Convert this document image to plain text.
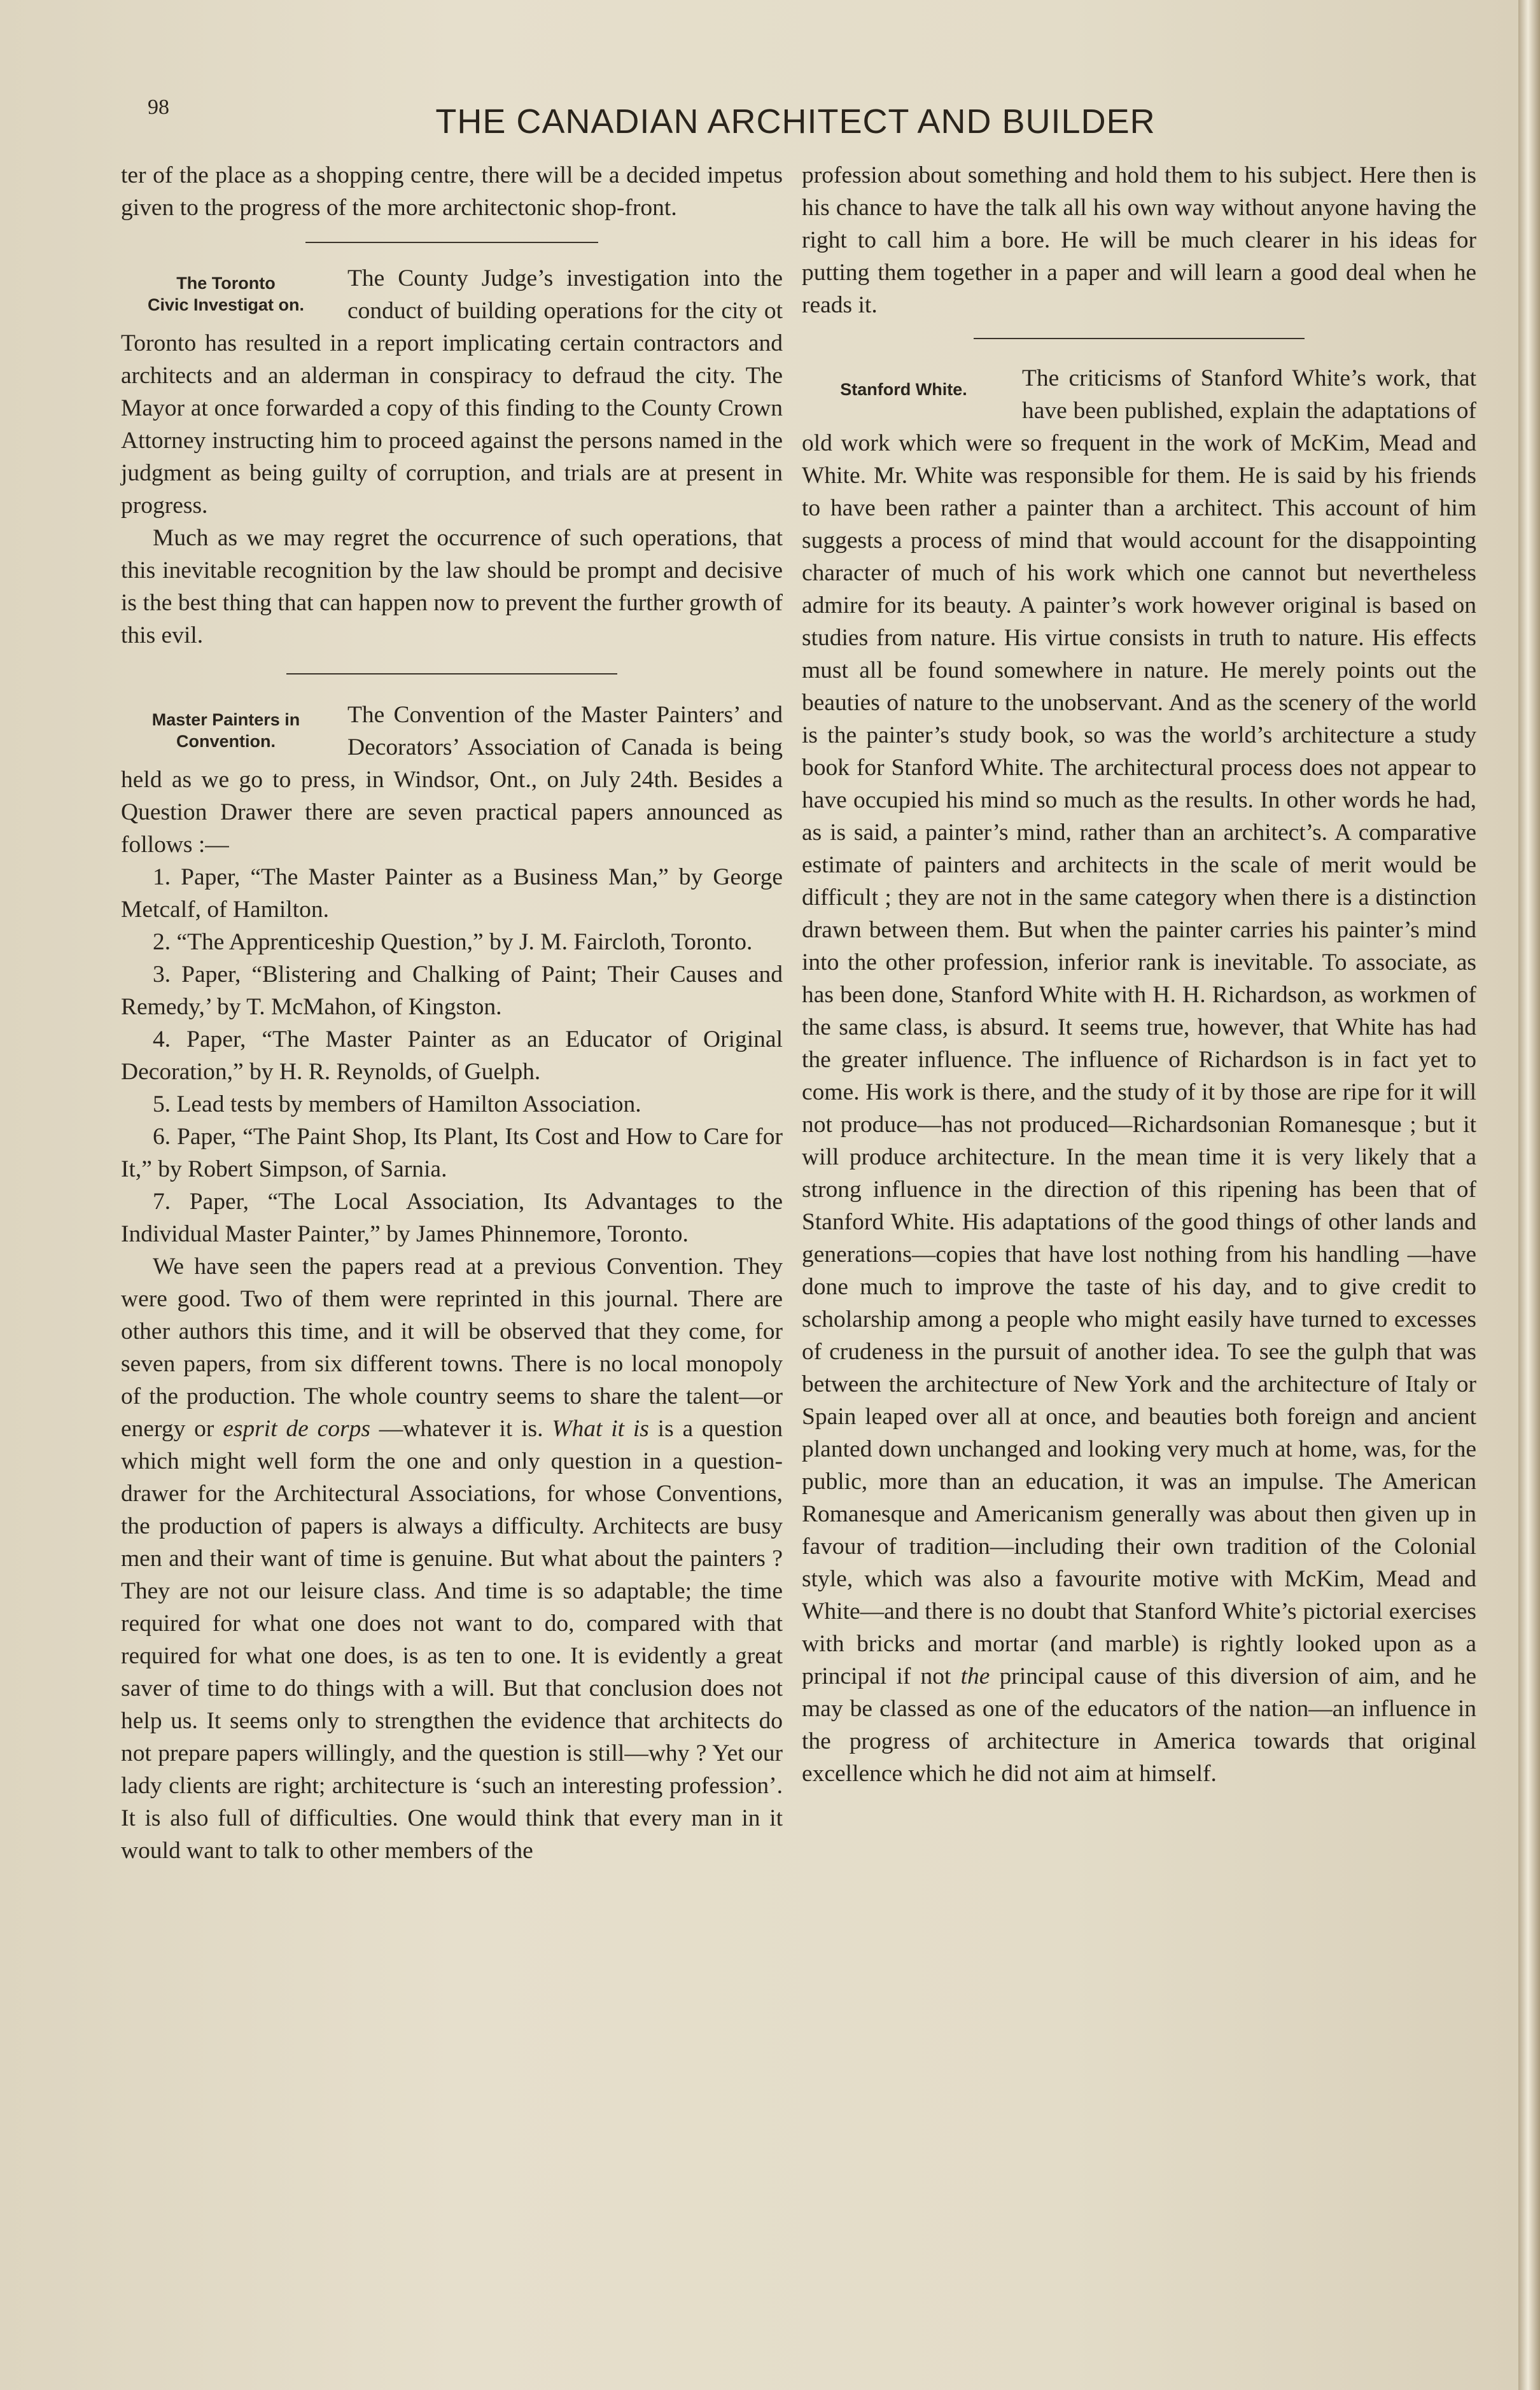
98	THE CANADIAN ARCHITECT AND BUILDER

ter of the place as a shopping centre, there will be a decided impetus given to the progress of the more architectonic shop-front.

The Toronto
Civic Investigat on.

The County Judge’s investigation into the conduct of building operations for the city ot Toronto has resulted in a report implicating certain contractors and architects and an alderman in conspiracy to defraud the city. The Mayor at once forwarded a copy of this finding to the County Crown Attorney instructing him to proceed against the persons named in the judgment as being guilty of corruption, and trials are at present in progress.

Much as we may regret the occurrence of such operations, that this inevitable recognition by the law should be prompt and decisive is the best thing that can happen now to prevent the further growth of this evil.

Master Painters in
Convention.

The Convention of the Master Painters’ and Decorators’ Association of Canada is being held as we go to press, in Windsor, Ont., on July 24th. Besides a Question Drawer there are seven practical papers announced as follows :—

1. Paper, “The Master Painter as a Business Man,” by George Metcalf, of Hamilton.

2. “The Apprenticeship Question,” by J. M. Faircloth, Toronto.

3. Paper, “Blistering and Chalking of Paint; Their Causes and Remedy,’ by T. McMahon, of Kingston.

4. Paper, “The Master Painter as an Educator of Original Decoration,” by H. R. Reynolds, of Guelph.

5. Lead tests by members of Hamilton Association.

6. Paper, “The Paint Shop, Its Plant, Its Cost and How to Care for It,” by Robert Simpson, of Sarnia.

7. Paper, “The Local Association, Its Advantages to the Individual Master Painter,” by James Phinnemore, Toronto.

We have seen the papers read at a previous Convention. They were good. Two of them were reprinted in this journal. There are other authors this time, and it will be observed that they come, for seven papers, from six different towns. There is no local monopoly of the production. The whole country seems to share the talent—or energy or esprit de corps —whatever it is. What it is is a question which might well form the one and only question in a question-drawer for the Architectural Associations, for whose Conventions, the production of papers is always a difficulty. Architects are busy men and their want of time is genuine. But what about the painters ? They are not our leisure class. And time is so adaptable; the time required for what one does not want to do, compared with that required for what one does, is as ten to one. It is evidently a great saver of time to do things with a will. But that conclusion does not help us. It seems only to strengthen the evidence that architects do not prepare papers willingly, and the question is still—why ? Yet our lady clients are right; architecture is ‘such an interesting profession’. It is also full of difficulties. One would think that every man in it would want to talk to other members of the

profession about something and hold them to his subject. Here then is his chance to have the talk all his own way without anyone having the right to call him a bore. He will be much clearer in his ideas for putting them together in a paper and will learn a good deal when he reads it.

Stanford White.	The criticisms of Stanford White’s work, that have been published, explain the adaptations of old work which were so frequent in the work of McKim, Mead and White. Mr. White was responsible for them. He is said by his friends to have been rather a painter than a architect. This account of him suggests a process of mind that would account for the disappointing character of much of his work which one cannot but nevertheless admire for its beauty. A painter’s work however original is based on studies from nature. His virtue consists in truth to nature. His effects must all be found somewhere in nature. He merely points out the beauties of nature to the unobservant. And as the scenery of the world is the painter’s study book, so was the world’s architecture a study book for Stanford White. The architectural process does not appear to have occupied his mind so much as the results. In other words he had, as is said, a painter’s mind, rather than an architect’s. A comparative estimate of painters and architects in the scale of merit would be difficult ; they are not in the same category when there is a distinction drawn between them. But when the painter carries his painter’s mind into the other profession, inferior rank is inevitable. To associate, as has been done, Stanford White with H. H. Richardson, as workmen of the same class, is absurd. It seems true, however, that White has had the greater influence. The influence of Richardson is in fact yet to come. His work is there, and the study of it by those are ripe for it will not produce—has not produced—Richardsonian Romanesque ; but it will produce architecture. In the mean time it is very likely that a strong influence in the direction of this ripening has been that of Stanford White. His adaptations of the good things of other lands and generations—copies that have lost nothing from his handling —have done much to improve the taste of his day, and to give credit to scholarship among a people who might easily have turned to excesses of crudeness in the pursuit of another idea. To see the gulph that was between the architecture of New York and the architecture of Italy or Spain leaped over all at once, and beauties both foreign and ancient planted down unchanged and looking very much at home, was, for the public, more than an education, it was an impulse. The American Romanesque and Americanism generally was about then given up in favour of tradition—including their own tradition of the Colonial style, which was also a favourite motive with McKim, Mead and White—and there is no doubt that Stanford White’s pictorial exercises with bricks and mortar (and marble) is rightly looked upon as a principal if not the principal cause of this diversion of aim, and he may be classed as one of the educators of the nation—an influence in the progress of architecture in America towards that original excellence which he did not aim at himself.
